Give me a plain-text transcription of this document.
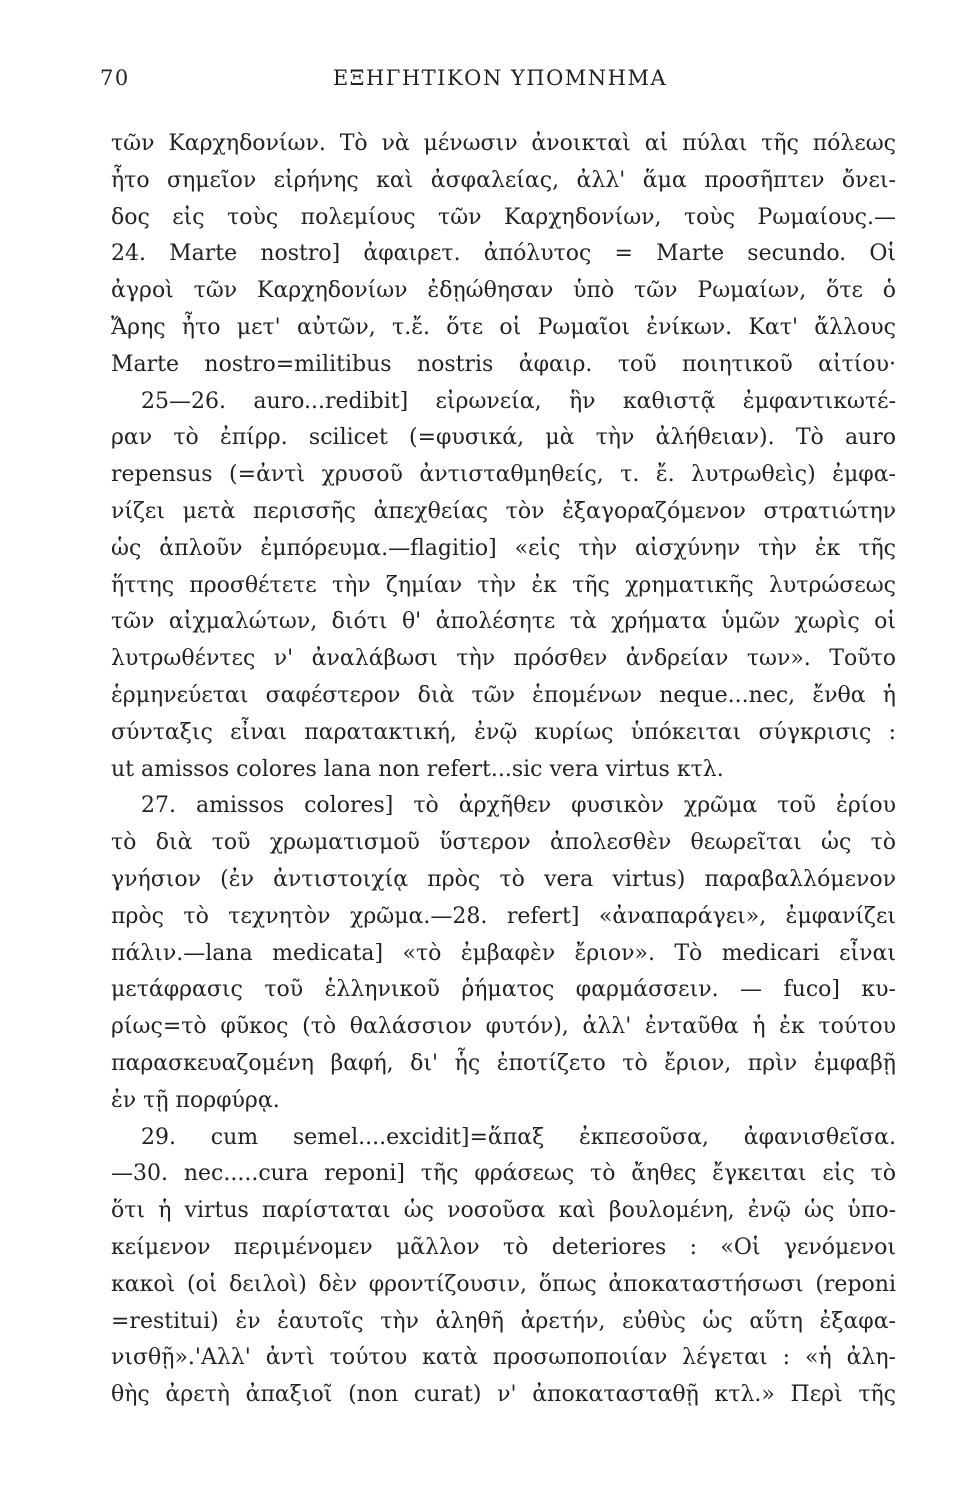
70	ΕΞΗΓΗΤΙΚΟΝ ΥΠΟΜΝΗΜΑ
τῶν Καρχηδονίων. Τὸ νὰ μένωσιν ἀνοικταὶ αἱ πύλαι τῆς πόλεως
ἦτο σημεῖον εἰρήνης καὶ ἀσφαλείας, ἀλλ' ἅμα προσῆπτεν ὄνει-
δος εἰς τοὺς πολεμίους τῶν Καρχηδονίων, τοὺς Ρωμαίους.—
24. Marte nostro] ἀφαιρετ. ἀπόλυτος = Marte secundo. Οἱ
ἀγροὶ τῶν Καρχηδονίων ἐδῃώθησαν ὑπὸ τῶν Ρωμαίων, ὅτε ὁ
Ἄρης ἦτο μετ' αὐτῶν, τ.ἔ. ὅτε οἱ Ρωμαῖοι ἐνίκων. Κατ' ἄλλους
Marte nostro=militibus nostris ἀφαιρ. τοῦ ποιητικοῦ αἰτίου·
25—26. auro...redibit] εἰρωνεία, ἣν καθιστᾷ ἐμφαντικωτέ-
ραν τὸ ἐπίρρ. scilicet (=φυσικά, μὰ τὴν ἀλήθειαν). Τὸ auro
repensus (=ἀντὶ χρυσοῦ ἀντισταθμηθείς, τ. ἔ. λυτρωθεὶς) ἐμφα-
νίζει μετὰ περισσῆς ἀπεχθείας τὸν ἐξαγοραζόμενον στρατιώτην
ὡς ἁπλοῦν ἐμπόρευμα.—flagitio] «εἰς τὴν αἰσχύνην τὴν ἐκ τῆς
ἥττης προσθέτετε τὴν ζημίαν τὴν ἐκ τῆς χρηματικῆς λυτρώσεως
τῶν αἰχμαλώτων, διότι θ' ἀπολέσητε τὰ χρήματα ὑμῶν χωρὶς οἱ
λυτρωθέντες ν' ἀναλάβωσι τὴν πρόσθεν ἀνδρείαν των». Τοῦτο
ἑρμηνεύεται σαφέστερον διὰ τῶν ἑπομένων neque...nec, ἔνθα ἡ
σύνταξις εἶναι παρατακτική, ἐνῷ κυρίως ὑπόκειται σύγκρισις :
ut amissos colores lana non refert...sic vera virtus κτλ.
27. amissos colores] τὸ ἀρχῆθεν φυσικὸν χρῶμα τοῦ ἐρίου
τὸ διὰ τοῦ χρωματισμοῦ ὕστερον ἀπολεσθὲν θεωρεῖται ὡς τὸ
γνήσιον (ἐν ἀντιστοιχίᾳ πρὸς τὸ vera virtus) παραβαλλόμενον
πρὸς τὸ τεχνητὸν χρῶμα.—28. refert] «ἀναπαράγει», ἐμφανίζει
πάλιν.—lana medicata] «τὸ ἐμβαφὲν ἔριον». Τὸ medicari εἶναι
μετάφρασις τοῦ ἑλληνικοῦ ῥήματος φαρμάσσειν. — fuco] κυ-
ρίως=τὸ φῦκος (τὸ θαλάσσιον φυτόν), ἀλλ' ἐνταῦθα ἡ ἐκ τούτου
παρασκευαζομένη βαφή, δι' ἧς ἐποτίζετο τὸ ἔριον, πρὶν ἐμφαβῇ
ἐν τῇ πορφύρᾳ.
29. cum semel....excidit]=ἅπαξ ἐκπεσοῦσα, ἀφανισθεῖσα.
—30. nec.....cura reponi] τῆς φράσεως τὸ ἄηθες ἔγκειται εἰς τὸ
ὅτι ἡ virtus παρίσταται ὡς νοσοῦσα καὶ βουλομένη, ἐνῷ ὡς ὑπο-
κείμενον περιμένομεν μᾶλλον τὸ deteriores : «Οἱ γενόμενοι
κακοὶ (οἱ δειλοὶ) δὲν φροντίζουσιν, ὅπως ἀποκαταστήσωσι (reponi
=restitui) ἐν ἑαυτοῖς τὴν ἀληθῆ ἀρετήν, εὐθὺς ὡς αὕτη ἐξαφα-
νισθῇ».'Αλλ' ἀντὶ τούτου κατὰ προσωποποιίαν λέγεται : «ἡ ἀλη-
θὴς ἀρετὴ ἀπαξιοῖ (non curat) ν' ἀποκατασταθῇ κτλ.» Περὶ τῆς
